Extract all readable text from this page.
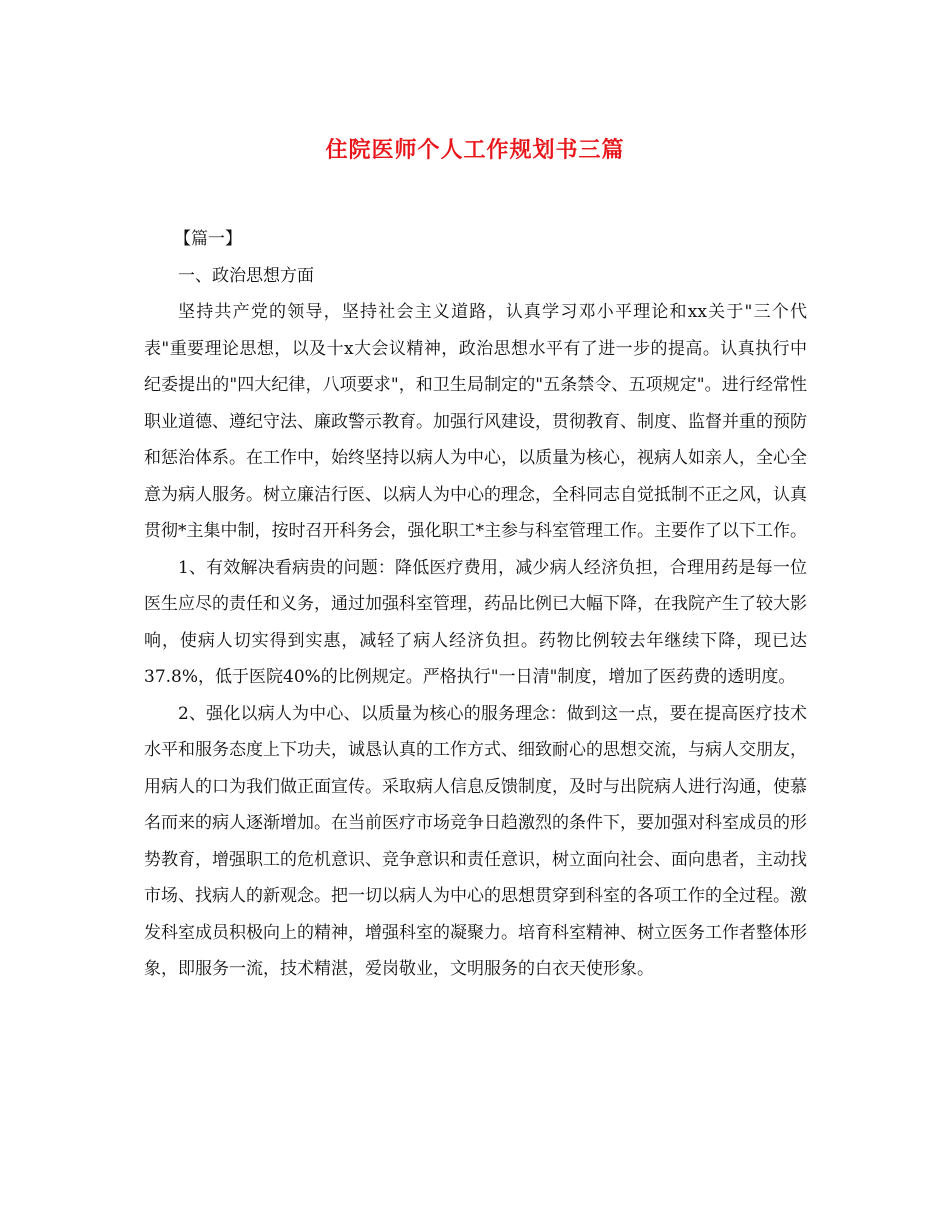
住院医师个人工作规划书三篇

【篇一】

一、政治思想方面

坚持共产党的领导，坚持社会主义道路，认真学习邓小平理论和xx关于"三个代表"重要理论思想，以及十x大会议精神，政治思想水平有了进一步的提高。认真执行中纪委提出的"四大纪律，八项要求"，和卫生局制定的"五条禁令、五项规定"。进行经常性职业道德、遵纪守法、廉政警示教育。加强行风建设，贯彻教育、制度、监督并重的预防和惩治体系。在工作中，始终坚持以病人为中心，以质量为核心，视病人如亲人，全心全意为病人服务。树立廉洁行医、以病人为中心的理念，全科同志自觉抵制不正之风，认真贯彻*主集中制，按时召开科务会，强化职工*主参与科室管理工作。主要作了以下工作。

1、有效解决看病贵的问题：降低医疗费用，减少病人经济负担，合理用药是每一位医生应尽的责任和义务，通过加强科室管理，药品比例已大幅下降，在我院产生了较大影响，使病人切实得到实惠，减轻了病人经济负担。药物比例较去年继续下降，现已达37.8%，低于医院40%的比例规定。严格执行"一日清"制度，增加了医药费的透明度。

2、强化以病人为中心、以质量为核心的服务理念：做到这一点，要在提高医疗技术水平和服务态度上下功夫，诚恳认真的工作方式、细致耐心的思想交流，与病人交朋友，用病人的口为我们做正面宣传。采取病人信息反馈制度，及时与出院病人进行沟通，使慕名而来的病人逐渐增加。在当前医疗市场竞争日趋激烈的条件下，要加强对科室成员的形势教育，增强职工的危机意识、竞争意识和责任意识，树立面向社会、面向患者，主动找市场、找病人的新观念。把一切以病人为中心的思想贯穿到科室的各项工作的全过程。激发科室成员积极向上的精神，增强科室的凝聚力。培育科室精神、树立医务工作者整体形象，即服务一流，技术精湛，爱岗敬业，文明服务的白衣天使形象。
